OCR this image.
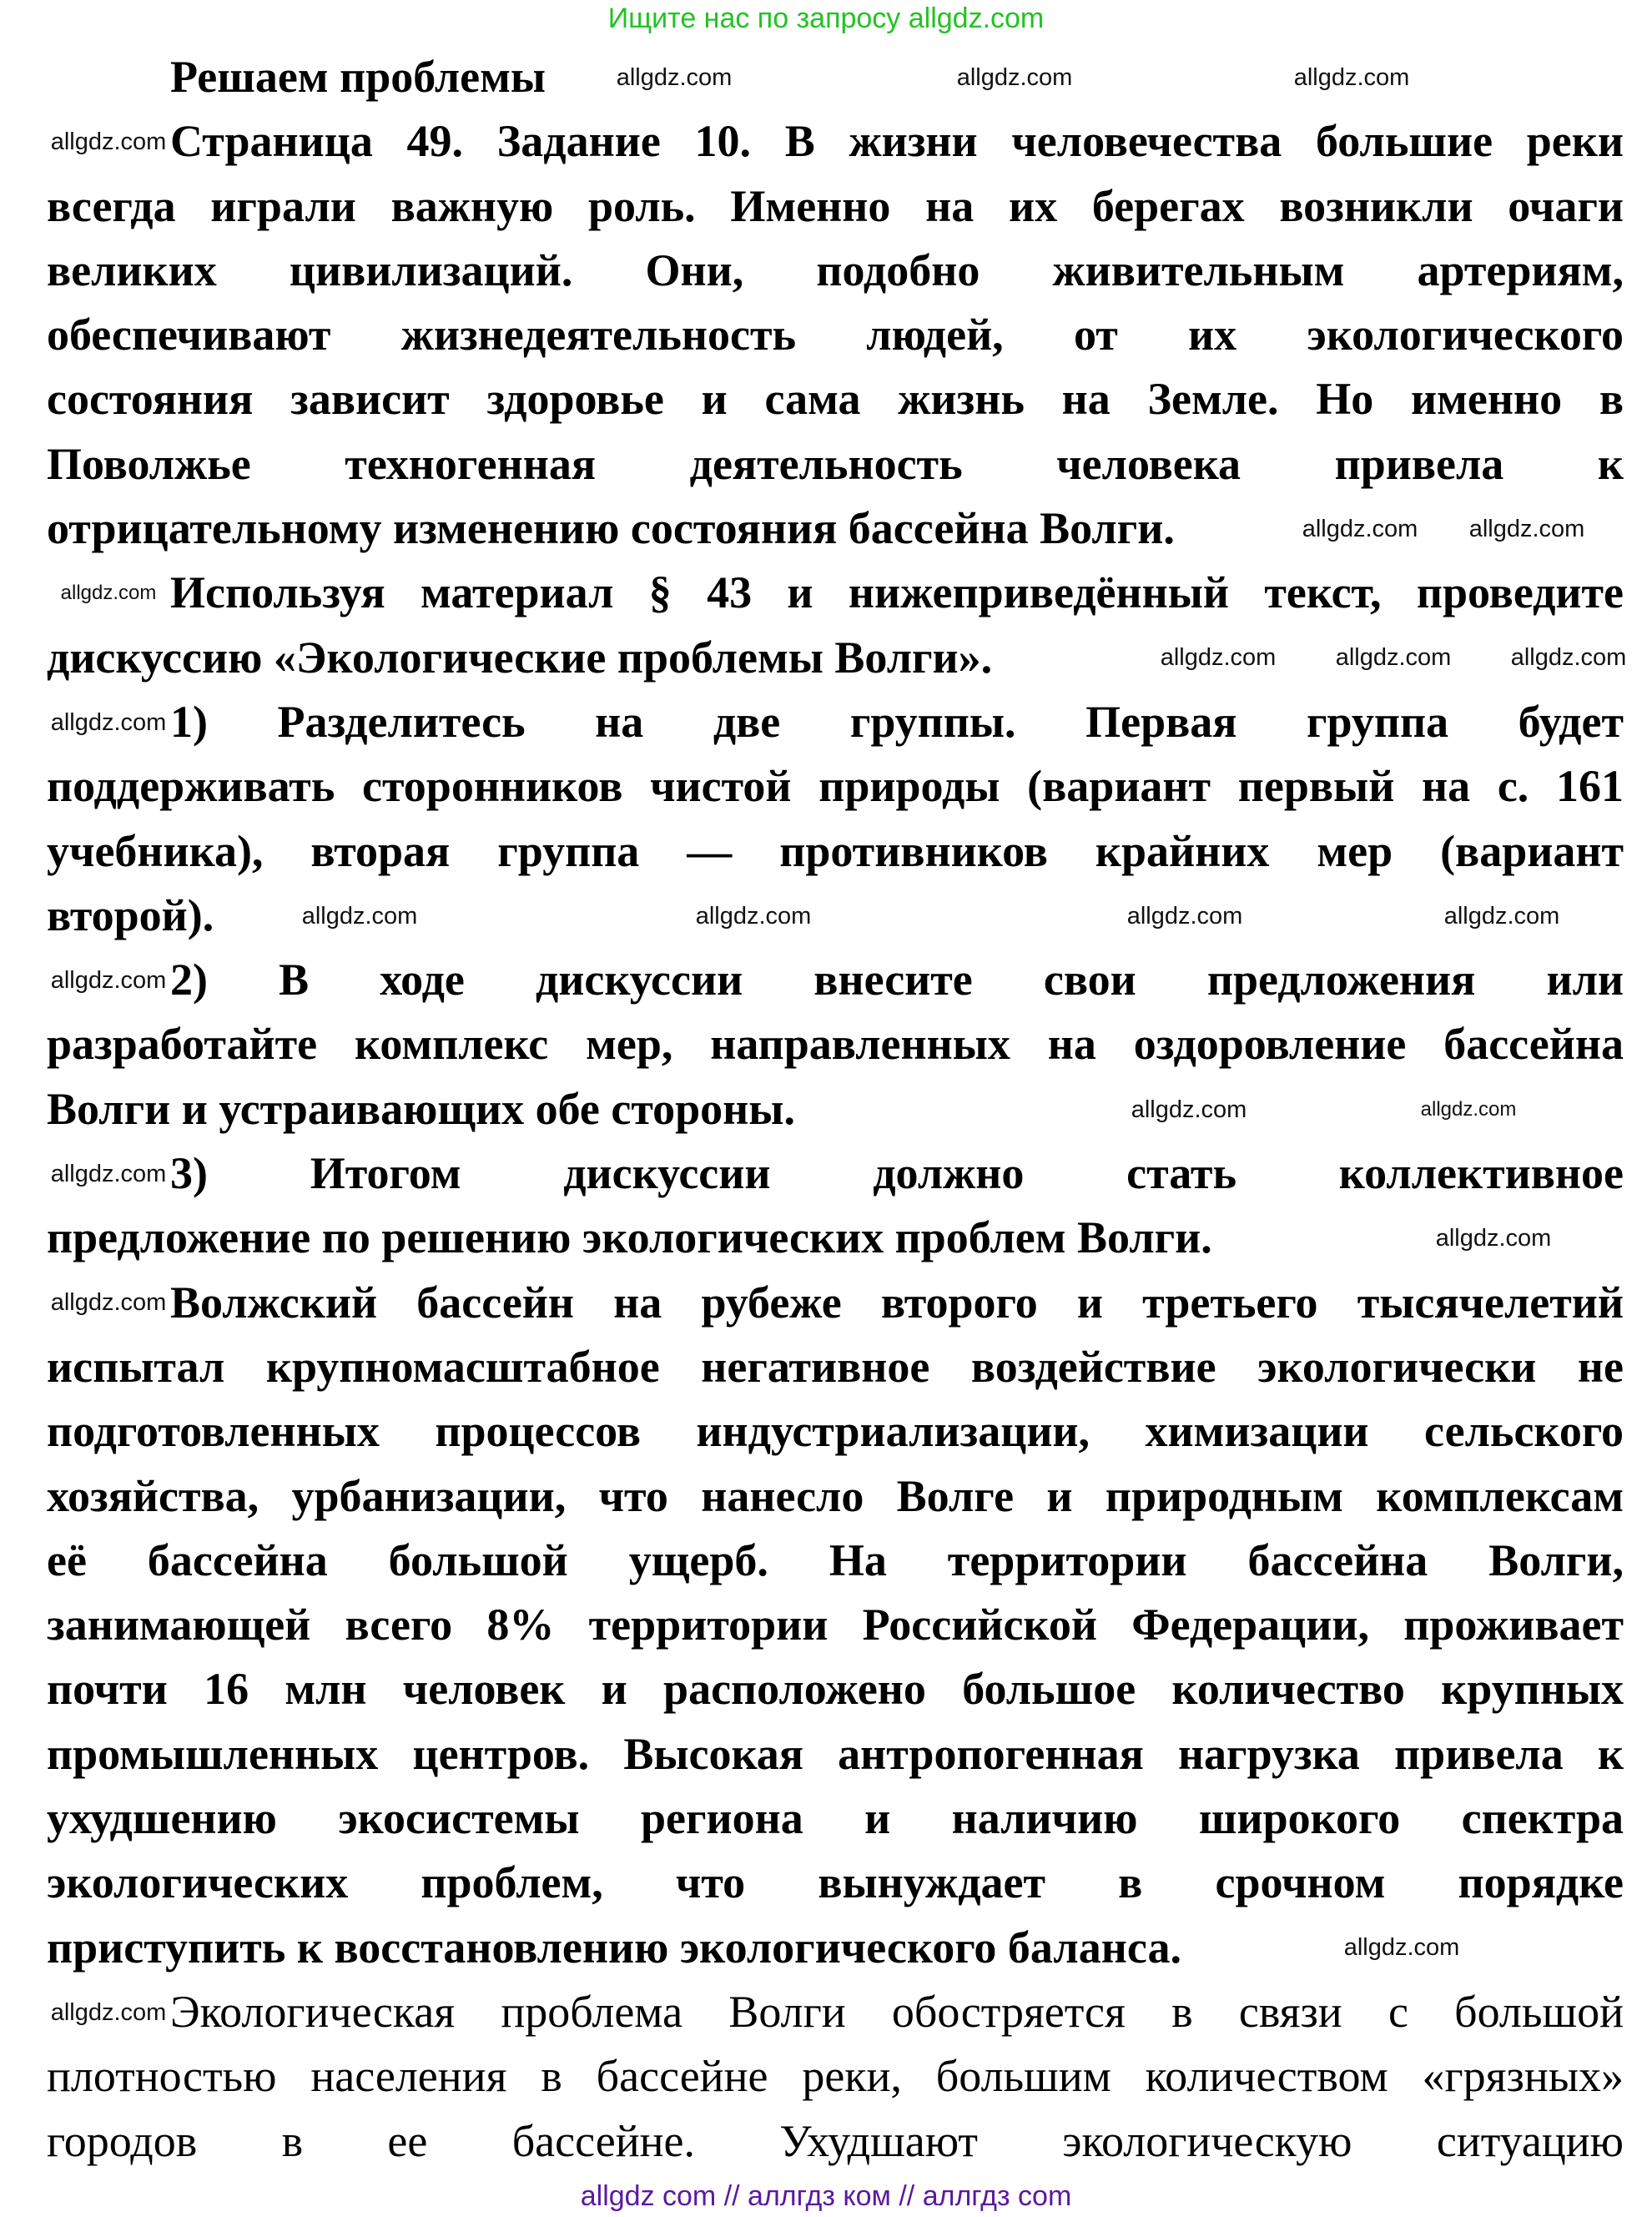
Ищите нас по запросу allgdz.com
Решаем проблемы
Страница 49. Задание 10. В жизни человечества большие реки
всегда играли важную роль. Именно на их берегах возникли очаги
великих цивилизаций. Они, подобно живительным артериям,
обеспечивают жизнедеятельность людей, от их экологического
состояния зависит здоровье и сама жизнь на Земле. Но именно в
Поволжье техногенная деятельность человека привела к
отрицательному изменению состояния бассейна Волги.
Используя материал § 43 и нижеприведённый текст, проведите
дискуссию «Экологические проблемы Волги».
1) Разделитесь на две группы. Первая группа будет
поддерживать сторонников чистой природы (вариант первый на с. 161
учебника), вторая группа — противников крайних мер (вариант
второй).
2) В ходе дискуссии внесите свои предложения или
разработайте комплекс мер, направленных на оздоровление бассейна
Волги и устраивающих обе стороны.
3) Итогом дискуссии должно стать коллективное
предложение по решению экологических проблем Волги.
Волжский бассейн на рубеже второго и третьего тысячелетий
испытал крупномасштабное негативное воздействие экологически не
подготовленных процессов индустриализации, химизации сельского
хозяйства, урбанизации, что нанесло Волге и природным комплексам
её бассейна большой ущерб. На территории бассейна Волги,
занимающей всего 8% территории Российской Федерации, проживает
почти 16 млн человек и расположено большое количество крупных
промышленных центров. Высокая антропогенная нагрузка привела к
ухудшению экосистемы региона и наличию широкого спектра
экологических проблем, что вынуждает в срочном порядке
приступить к восстановлению экологического баланса.
Экологическая проблема Волги обостряется в связи с большой
плотностью населения в бассейне реки, большим количеством «грязных»
городов в ее бассейне. Ухудшают экологическую ситуацию
allgdz com // аллгдз ком // аллгдз com
allgdz.com	allgdz.com
allgdz.com
allgdz.com
allgdz.com allgdz.com
allgdz.com
allgdz.com allgdz.com
allgdz.com	allgdz.com
allgdz.com
allgdz.com
allgdz.com
allgdz.com
allgdz.com
allgdz.com	allgdz.com
allgdz.com
allgdz.com
allgdz.com
allgdz.com
allgdz.com
